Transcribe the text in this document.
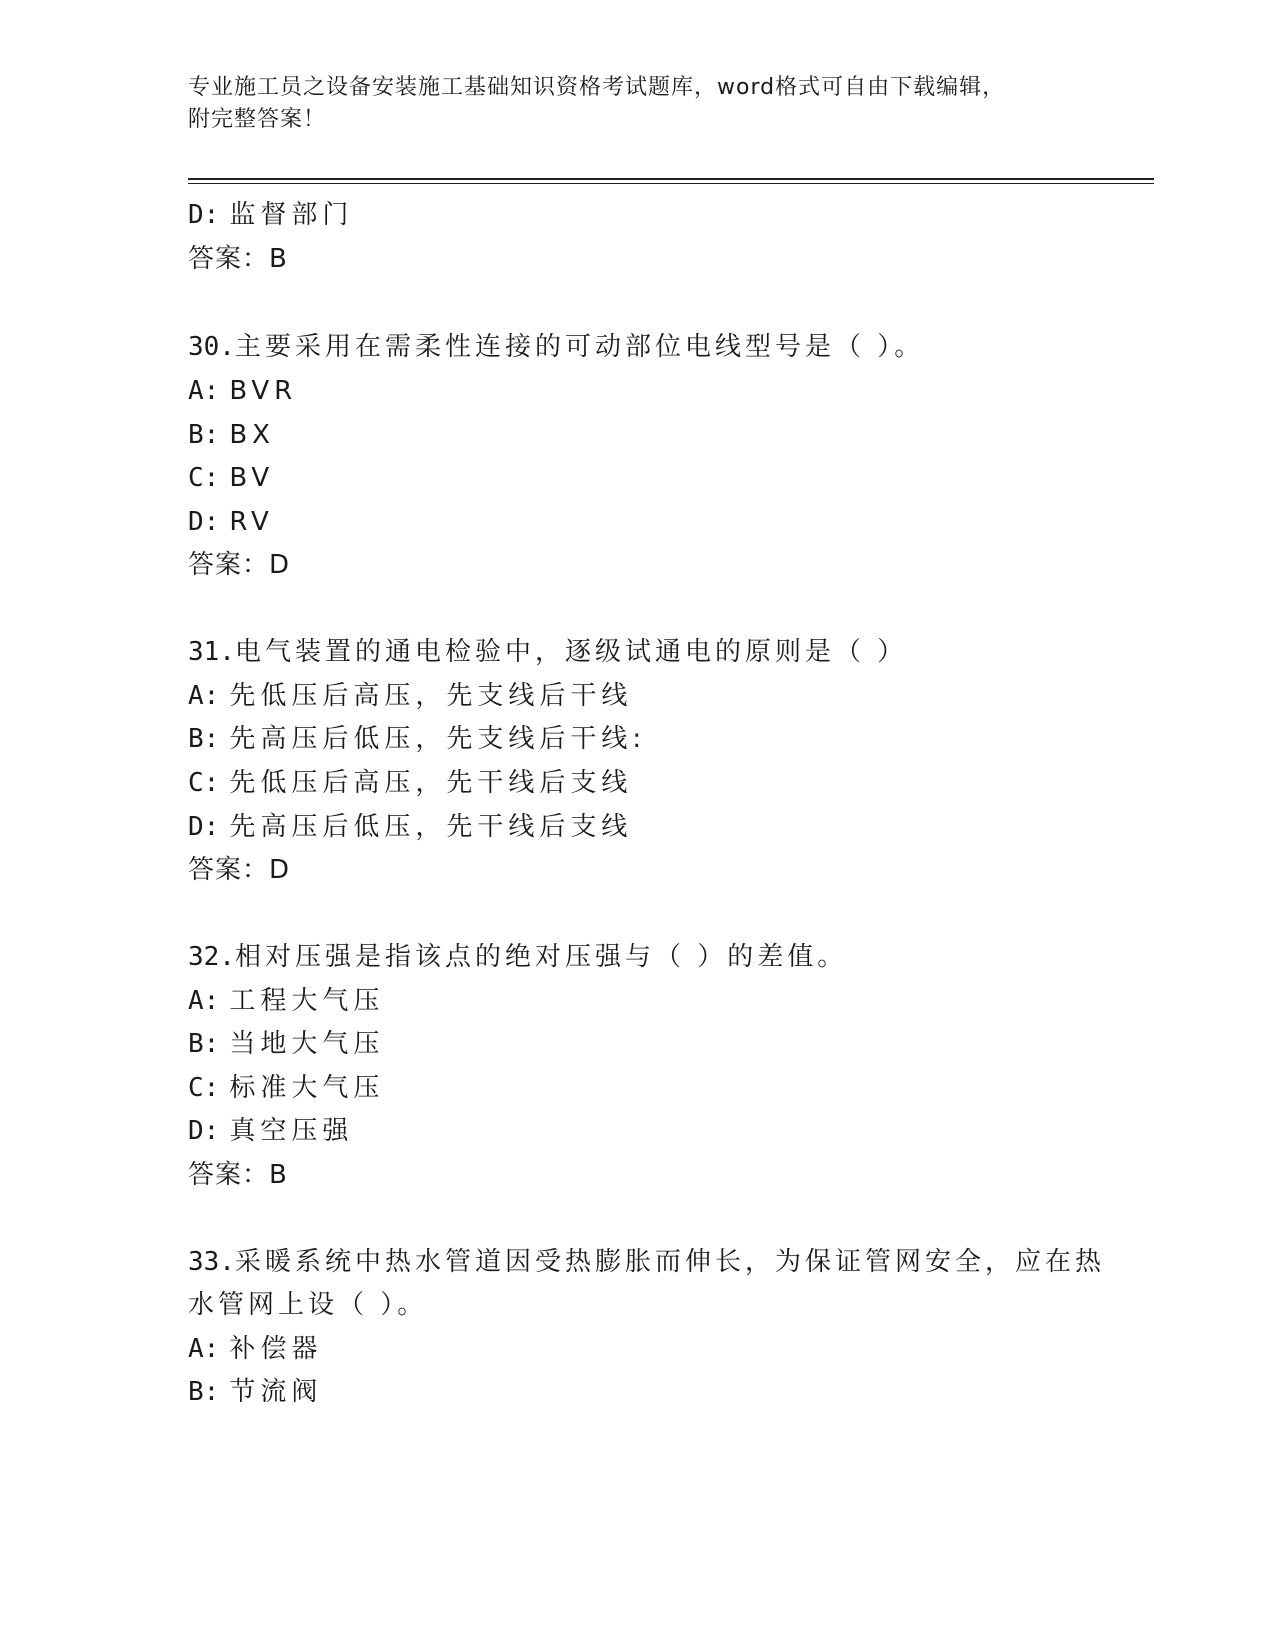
专业施工员之设备安装施工基础知识资格考试题库，word格式可自由下载编辑，
附完整答案！
D: 监督部门
答案：B
30.主要采用在需柔性连接的可动部位电线型号是（ ）。
A: BVR
B: BX
C: BV
D: RV
答案：D
31.电气装置的通电检验中，逐级试通电的原则是（ ）
A: 先低压后高压，先支线后干线
B: 先高压后低压，先支线后干线:
C: 先低压后高压，先干线后支线
D: 先高压后低压，先干线后支线
答案：D
32.相对压强是指该点的绝对压强与（ ）的差值。
A: 工程大气压
B: 当地大气压
C: 标准大气压
D: 真空压强
答案：B
33.采暖系统中热水管道因受热膨胀而伸长，为保证管网安全，应在热
水管网上设（ ）。
A: 补偿器
B: 节流阀
